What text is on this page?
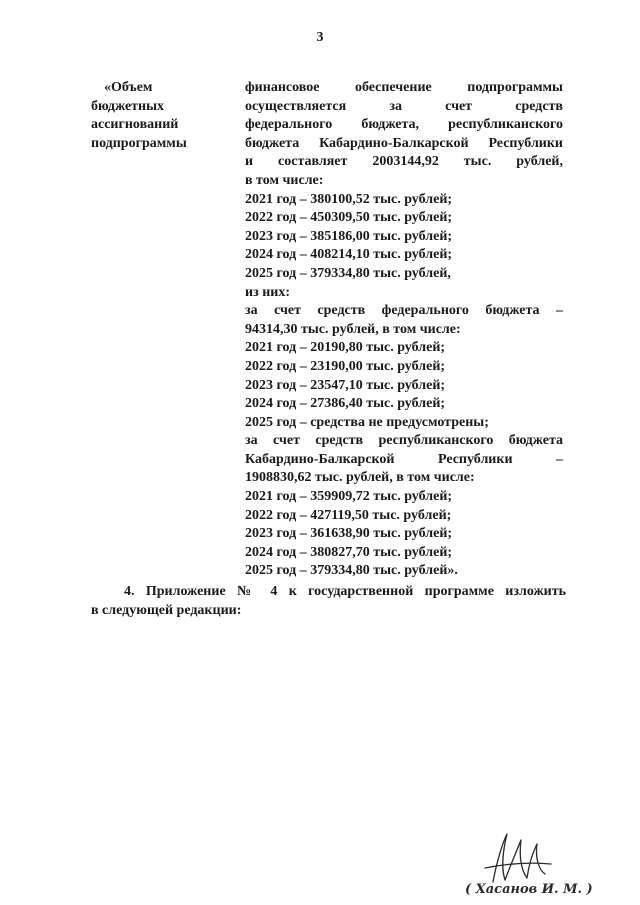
3
«Объем
бюджетных
ассигнований
подпрограммы
финансовое обеспечение подпрограммы
осуществляется за счет средств
федерального бюджета, республиканского
бюджета Кабардино-Балкарской Республики
и составляет 2003144,92 тыс. рублей,
в том числе:
2021 год – 380100,52 тыс. рублей;
2022 год – 450309,50 тыс. рублей;
2023 год – 385186,00 тыс. рублей;
2024 год – 408214,10 тыс. рублей;
2025 год – 379334,80 тыс. рублей,
из них:
за счет средств федерального бюджета –
94314,30 тыс. рублей, в том числе:
2021 год – 20190,80 тыс. рублей;
2022 год – 23190,00 тыс. рублей;
2023 год – 23547,10 тыс. рублей;
2024 год – 27386,40 тыс. рублей;
2025 год – средства не предусмотрены;
за счет средств республиканского бюджета
Кабардино-Балкарской Республики –
1908830,62 тыс. рублей, в том числе:
2021 год – 359909,72 тыс. рублей;
2022 год – 427119,50 тыс. рублей;
2023 год – 361638,90 тыс. рублей;
2024 год – 380827,70 тыс. рублей;
2025 год – 379334,80 тыс. рублей».
4. Приложение № 4 к государственной программе изложить
в следующей редакции:
( Хасанов И. М. )
